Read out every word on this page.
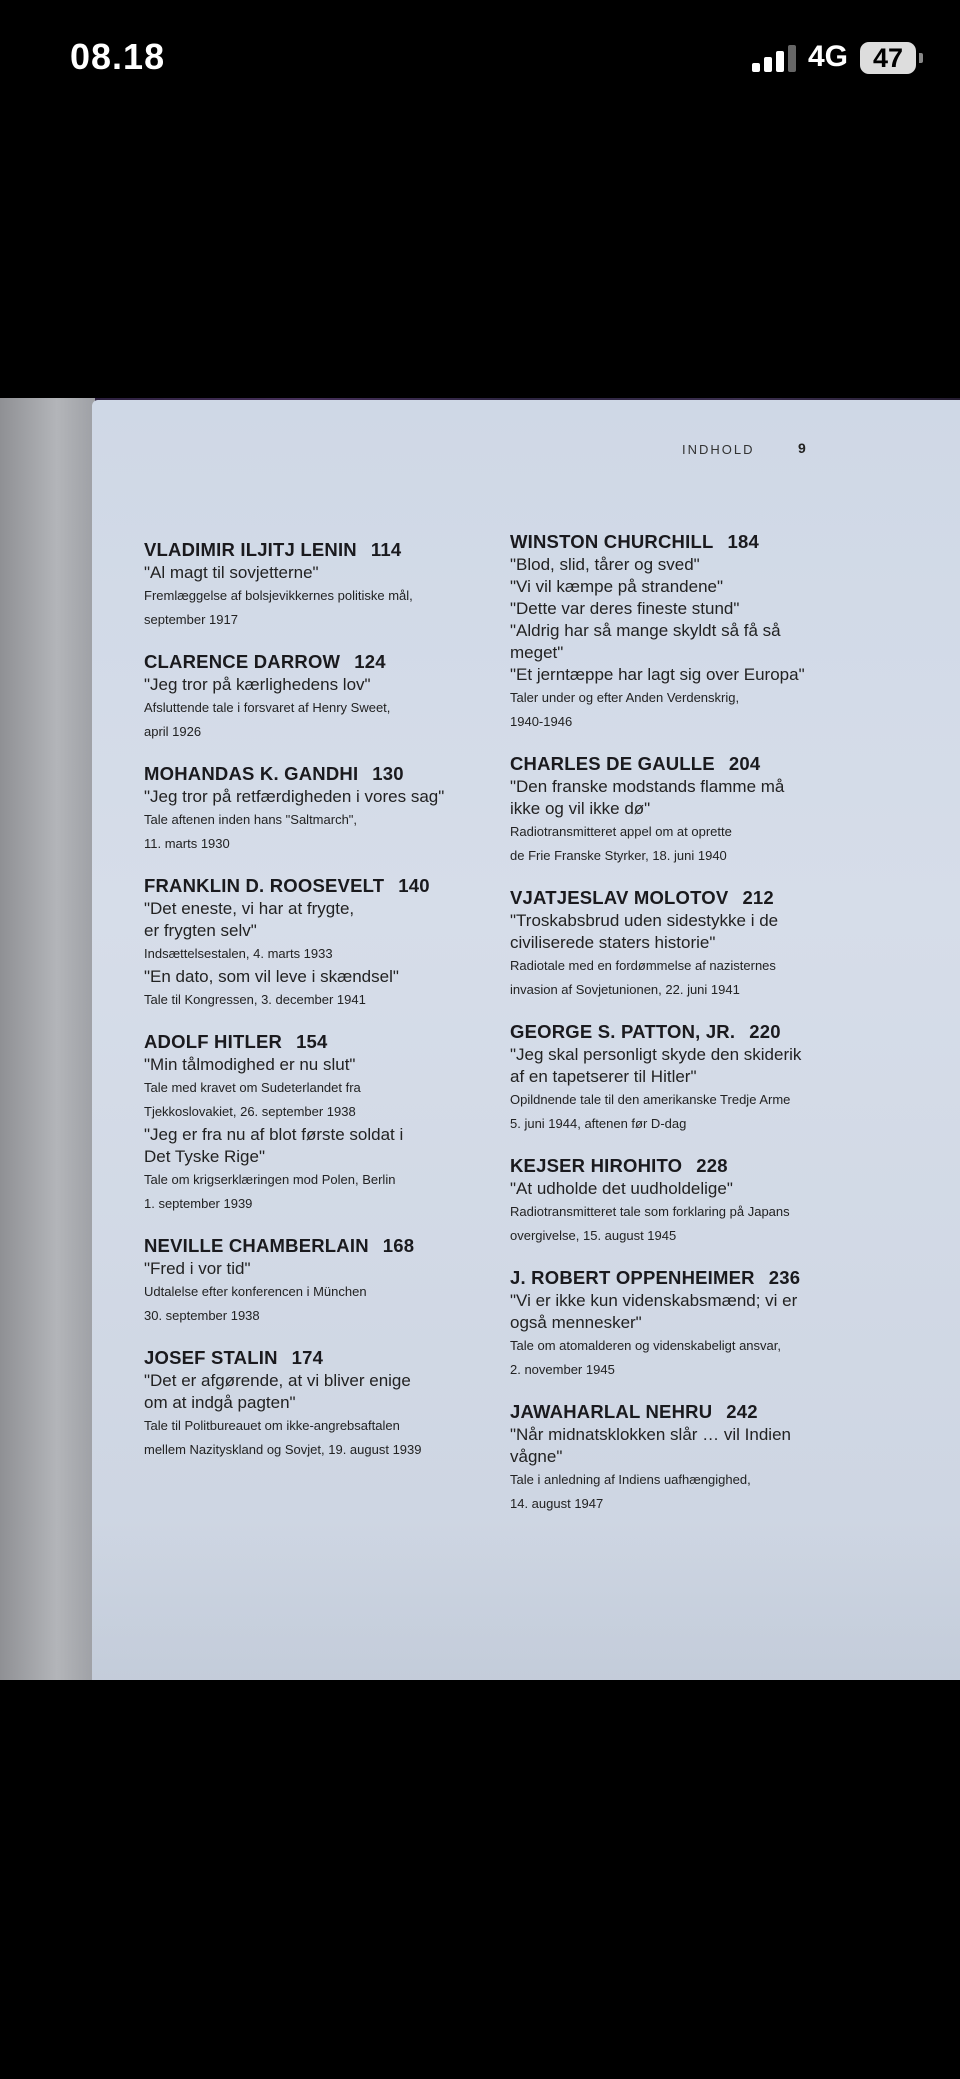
08.18	4G 47
INDHOLD	9
VLADIMIR ILJITJ LENIN 114
"Al magt til sovjetterne"
Fremlæggelse af bolsjevikkernes politiske mål,
september 1917
CLARENCE DARROW 124
"Jeg tror på kærlighedens lov"
Afsluttende tale i forsvaret af Henry Sweet,
april 1926
MOHANDAS K. GANDHI 130
"Jeg tror på retfærdigheden i vores sag"
Tale aftenen inden hans "Saltmarch",
11. marts 1930
FRANKLIN D. ROOSEVELT 140
"Det eneste, vi har at frygte,
er frygten selv"
Indsættelsestalen, 4. marts 1933
"En dato, som vil leve i skændsel"
Tale til Kongressen, 3. december 1941
ADOLF HITLER 154
"Min tålmodighed er nu slut"
Tale med kravet om Sudeterlandet fra
Tjekkoslovakiet, 26. september 1938
"Jeg er fra nu af blot første soldat i
Det Tyske Rige"
Tale om krigserklæringen mod Polen, Berlin
1. september 1939
NEVILLE CHAMBERLAIN 168
"Fred i vor tid"
Udtalelse efter konferencen i München
30. september 1938
JOSEF STALIN 174
"Det er afgørende, at vi bliver enige
om at indgå pagten"
Tale til Politbureauet om ikke-angrebsaftalen
mellem Nazityskland og Sovjet, 19. august 1939
WINSTON CHURCHILL 184
"Blod, slid, tårer og sved"
"Vi vil kæmpe på strandene"
"Dette var deres fineste stund"
"Aldrig har så mange skyldt så få så
meget"
"Et jerntæppe har lagt sig over Europa"
Taler under og efter Anden Verdenskrig,
1940-1946
CHARLES DE GAULLE 204
"Den franske modstands flamme må
ikke og vil ikke dø"
Radiotransmitteret appel om at oprette
de Frie Franske Styrker, 18. juni 1940
VJATJESLAV MOLOTOV 212
"Troskabsbrud uden sidestykke i de
civiliserede staters historie"
Radiotale med en fordømmelse af nazisternes
invasion af Sovjetunionen, 22. juni 1941
GEORGE S. PATTON, JR. 220
"Jeg skal personligt skyde den skiderik
af en tapetserer til Hitler"
Opildnende tale til den amerikanske Tredje Arme
5. juni 1944, aftenen før D-dag
KEJSER HIROHITO 228
"At udholde det uudholdelige"
Radiotransmitteret tale som forklaring på Japans
overgivelse, 15. august 1945
J. ROBERT OPPENHEIMER 236
"Vi er ikke kun videnskabsmænd; vi er
også mennesker"
Tale om atomalderen og videnskabeligt ansvar,
2. november 1945
JAWAHARLAL NEHRU 242
"Når midnatsklokken slår … vil Indien
vågne"
Tale i anledning af Indiens uafhængighed,
14. august 1947
